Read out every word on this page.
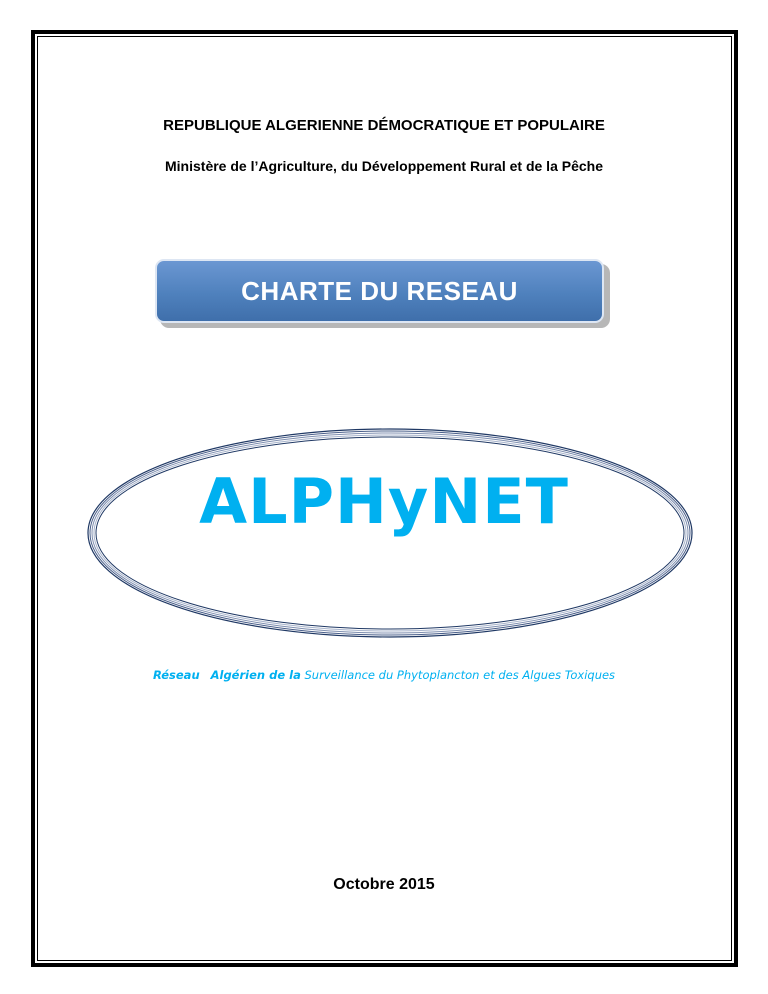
REPUBLIQUE ALGERIENNE DÉMOCRATIQUE ET POPULAIRE
Ministère de l’Agriculture, du Développement Rural et de la Pêche
CHARTE DU RESEAU
ALPHyNET
Réseau Algérien de la Surveillance du Phytoplancton et des Algues Toxiques
Octobre 2015
